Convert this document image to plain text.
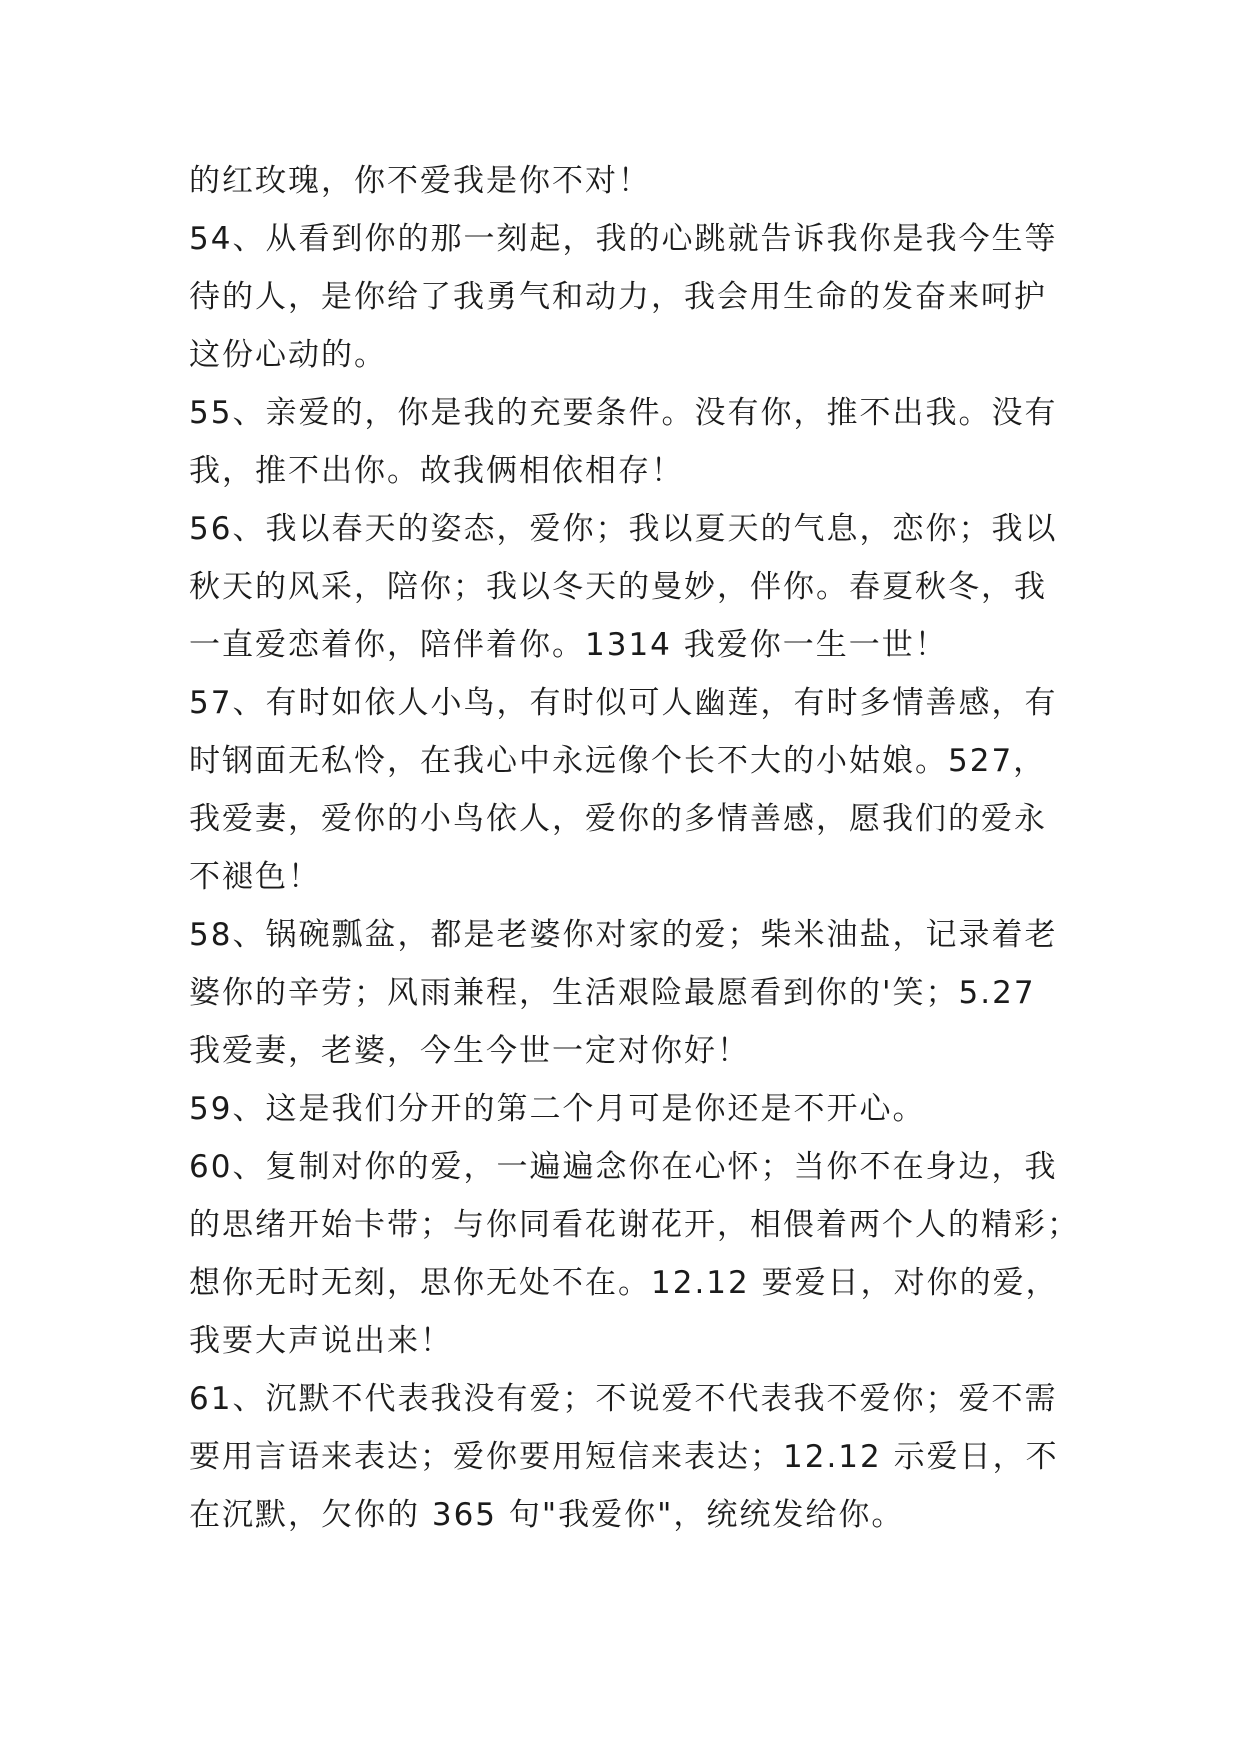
的红玫瑰，你不爱我是你不对！
54、从看到你的那一刻起，我的心跳就告诉我你是我今生等
待的人，是你给了我勇气和动力，我会用生命的发奋来呵护
这份心动的。
55、亲爱的，你是我的充要条件。没有你，推不出我。没有
我，推不出你。故我俩相依相存！
56、我以春天的姿态，爱你；我以夏天的气息，恋你；我以
秋天的风采，陪你；我以冬天的曼妙，伴你。春夏秋冬，我
一直爱恋着你，陪伴着你。1314 我爱你一生一世！
57、有时如依人小鸟，有时似可人幽莲，有时多情善感，有
时钢面无私怜，在我心中永远像个长不大的小姑娘。527，
我爱妻，爱你的小鸟依人，爱你的多情善感，愿我们的爱永
不褪色！
58、锅碗瓢盆，都是老婆你对家的爱；柴米油盐，记录着老
婆你的辛劳；风雨兼程，生活艰险最愿看到你的'笑；5.27
我爱妻，老婆，今生今世一定对你好！
59、这是我们分开的第二个月可是你还是不开心。
60、复制对你的爱，一遍遍念你在心怀；当你不在身边，我
的思绪开始卡带；与你同看花谢花开，相偎着两个人的精彩；
想你无时无刻，思你无处不在。12.12 要爱日，对你的爱，
我要大声说出来！
61、沉默不代表我没有爱；不说爱不代表我不爱你；爱不需
要用言语来表达；爱你要用短信来表达；12.12 示爱日，不
在沉默，欠你的 365 句"我爱你"，统统发给你。
